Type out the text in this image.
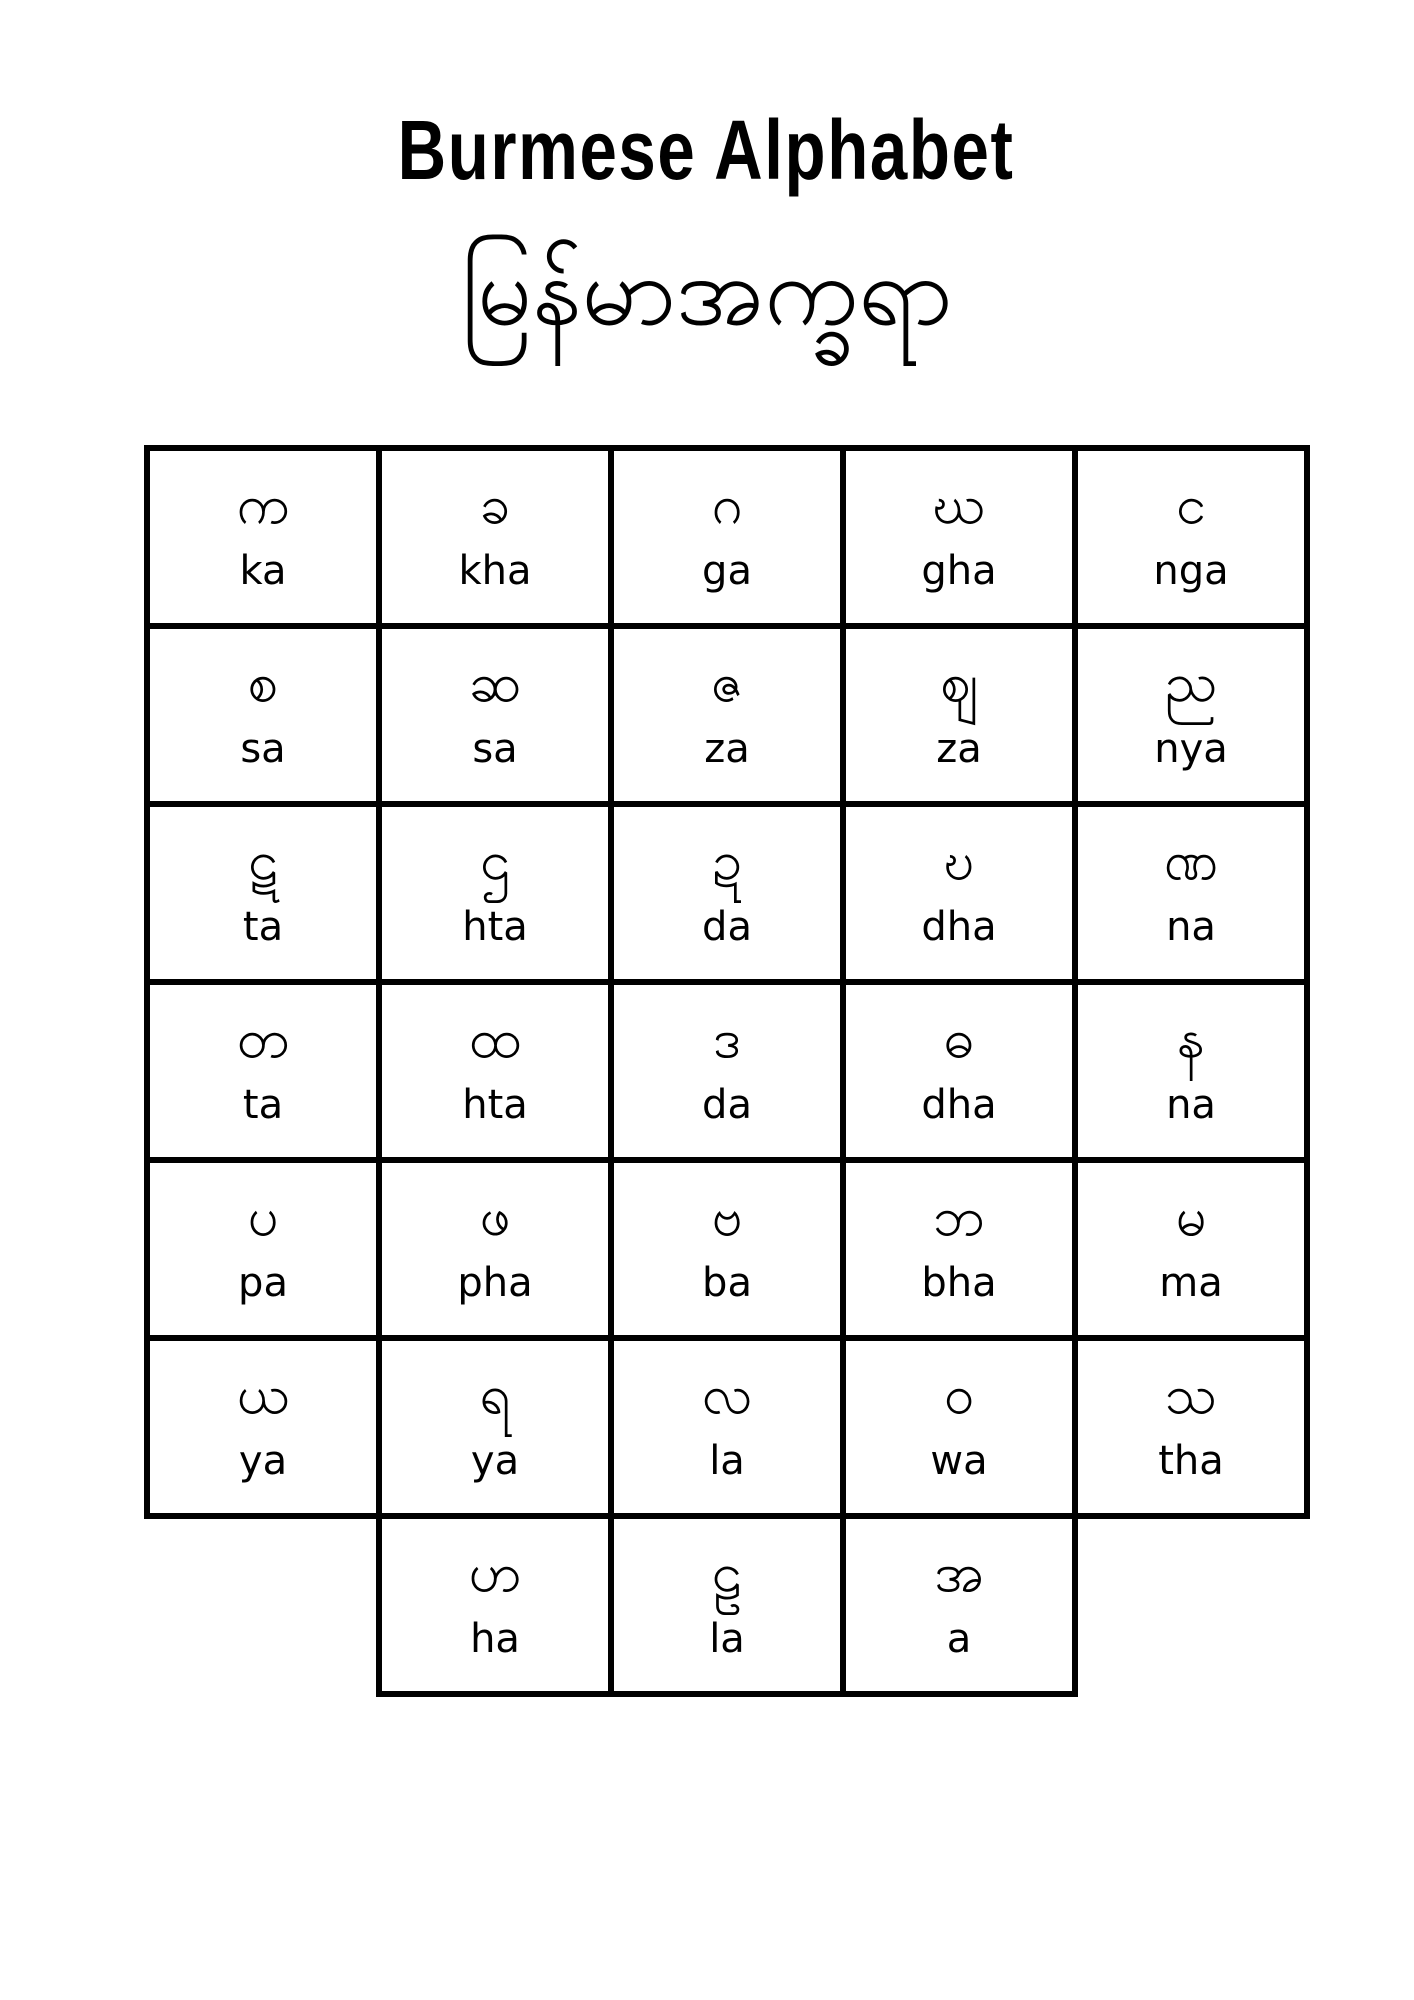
Burmese Alphabet
မြန်မာအက္ခရာ
က
ka
ခ
kha
ဂ
ga
ဃ
gha
င
nga
စ
sa
ဆ
sa
ဇ
za
ဈ
za
ည
nya
ဋ
ta
ဌ
hta
ဍ
da
ဎ
dha
ဏ
na
တ
ta
ထ
hta
ဒ
da
ဓ
dha
န
na
ပ
pa
ဖ
pha
ဗ
ba
ဘ
bha
မ
ma
ယ
ya
ရ
ya
လ
la
ဝ
wa
သ
tha
ဟ
ha
ဠ
la
အ
a
